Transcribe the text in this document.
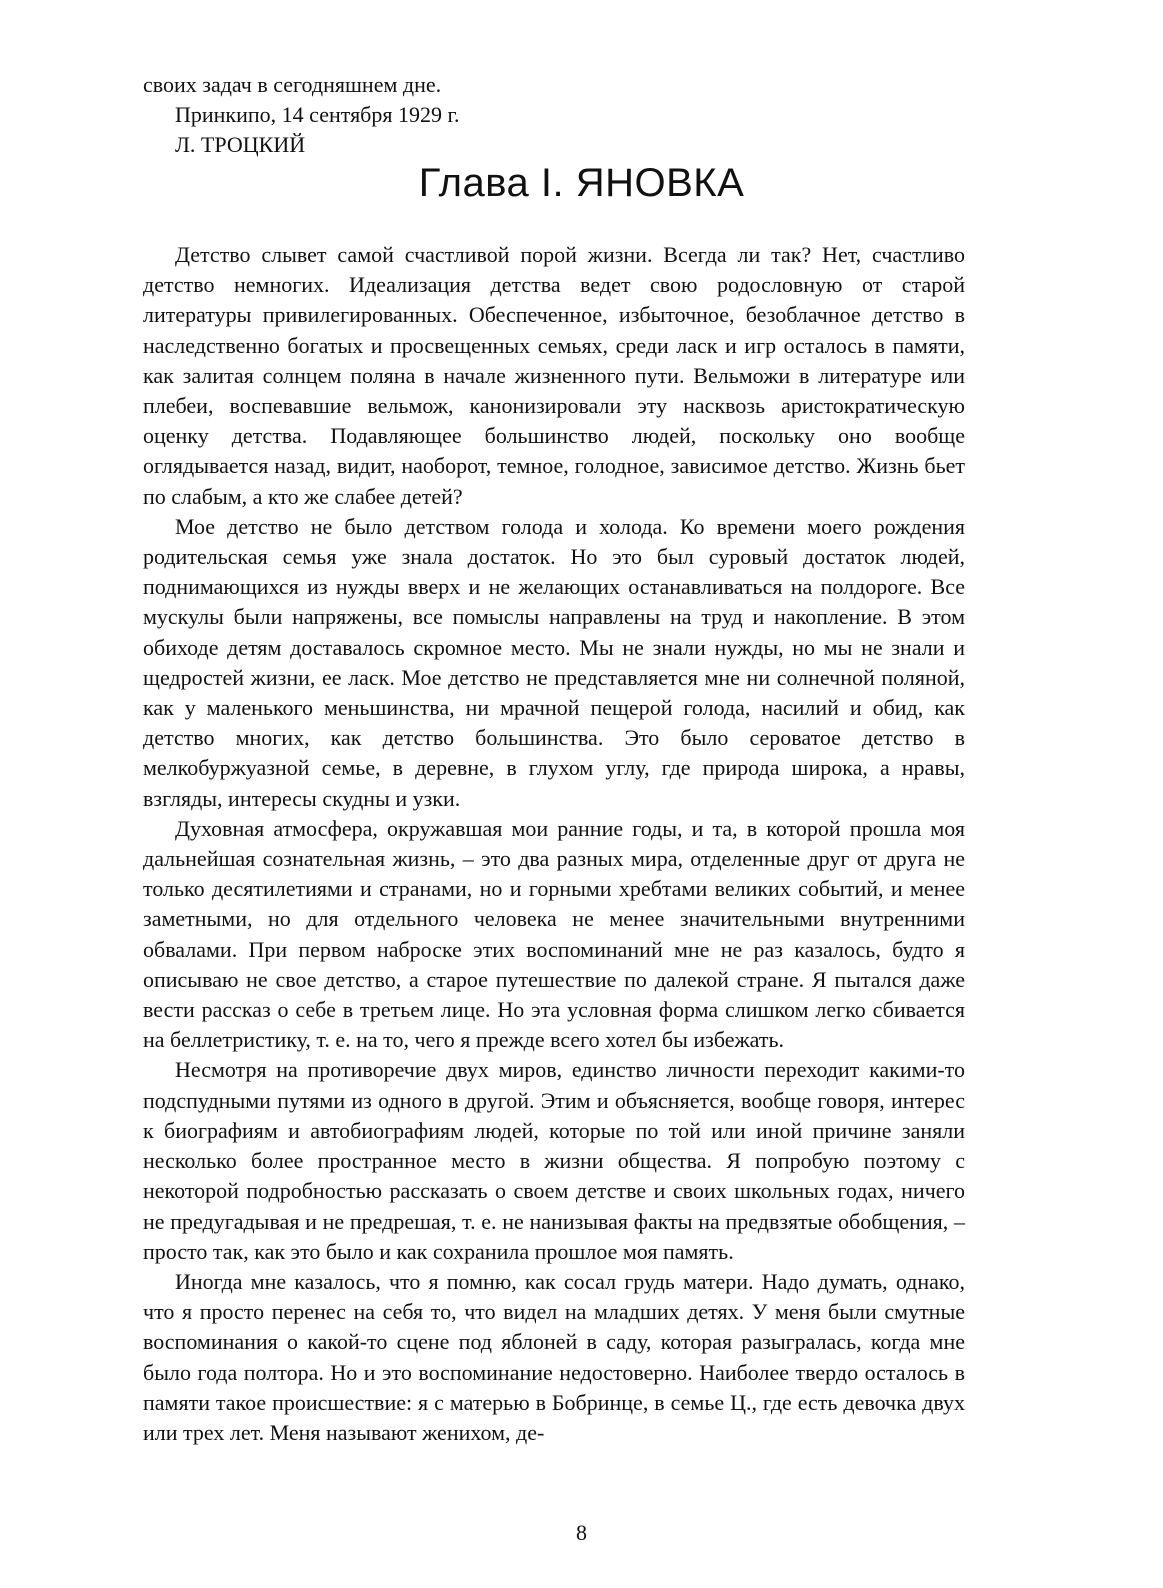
своих задач в сегодняшнем дне.

Принкипо, 14 сентября 1929 г.

Л. ТРОЦКИЙ

Глава I. ЯНОВКА

Детство слывет самой счастливой порой жизни. Всегда ли так? Нет, счастливо детство немногих. Идеализация детства ведет свою родословную от старой литературы привилегированных. Обеспеченное, избыточное, безоблачное детство в наследственно богатых и просвещенных семьях, среди ласк и игр осталось в памяти, как залитая солнцем поляна в начале жизненного пути. Вельможи в литературе или плебеи, воспевавшие вельмож, канонизировали эту насквозь аристократическую оценку детства. Подавляющее большинство людей, поскольку оно вообще оглядывается назад, видит, наоборот, темное, голодное, зависимое детство. Жизнь бьет по слабым, а кто же слабее детей?

Мое детство не было детством голода и холода. Ко времени моего рождения родительская семья уже знала достаток. Но это был суровый достаток людей, поднимающихся из нужды вверх и не желающих останавливаться на полдороге. Все мускулы были напряжены, все помыслы направлены на труд и накопление. В этом обиходе детям доставалось скромное место. Мы не знали нужды, но мы не знали и щедростей жизни, ее ласк. Мое детство не представляется мне ни солнечной поляной, как у маленького меньшинства, ни мрачной пещерой голода, насилий и обид, как детство многих, как детство большинства. Это было сероватое детство в мелкобуржуазной семье, в деревне, в глухом углу, где природа широка, а нравы, взгляды, интересы скудны и узки.

Духовная атмосфера, окружавшая мои ранние годы, и та, в которой прошла моя дальнейшая сознательная жизнь, – это два разных мира, отделенные друг от друга не только десятилетиями и странами, но и горными хребтами великих событий, и менее заметными, но для отдельного человека не менее значительными внутренними обвалами. При первом наброске этих воспоминаний мне не раз казалось, будто я описываю не свое детство, а старое путешествие по далекой стране. Я пытался даже вести рассказ о себе в третьем лице. Но эта условная форма слишком легко сбивается на беллетристику, т. е. на то, чего я прежде всего хотел бы избежать.

Несмотря на противоречие двух миров, единство личности переходит какими-то подспудными путями из одного в другой. Этим и объясняется, вообще говоря, интерес к биографиям и автобиографиям людей, которые по той или иной причине заняли несколько более пространное место в жизни общества. Я попробую поэтому с некоторой подробностью рассказать о своем детстве и своих школьных годах, ничего не предугадывая и не предрешая, т. е. не нанизывая факты на предвзятые обобщения, – просто так, как это было и как сохранила прошлое моя память.

Иногда мне казалось, что я помню, как сосал грудь матери. Надо думать, однако, что я просто перенес на себя то, что видел на младших детях. У меня были смутные воспоминания о какой-то сцене под яблоней в саду, которая разыгралась, когда мне было года полтора. Но и это воспоминание недостоверно. Наиболее твердо осталось в памяти такое происшествие: я с матерью в Бобринце, в семье Ц., где есть девочка двух или трех лет. Меня называют женихом, де-

8
